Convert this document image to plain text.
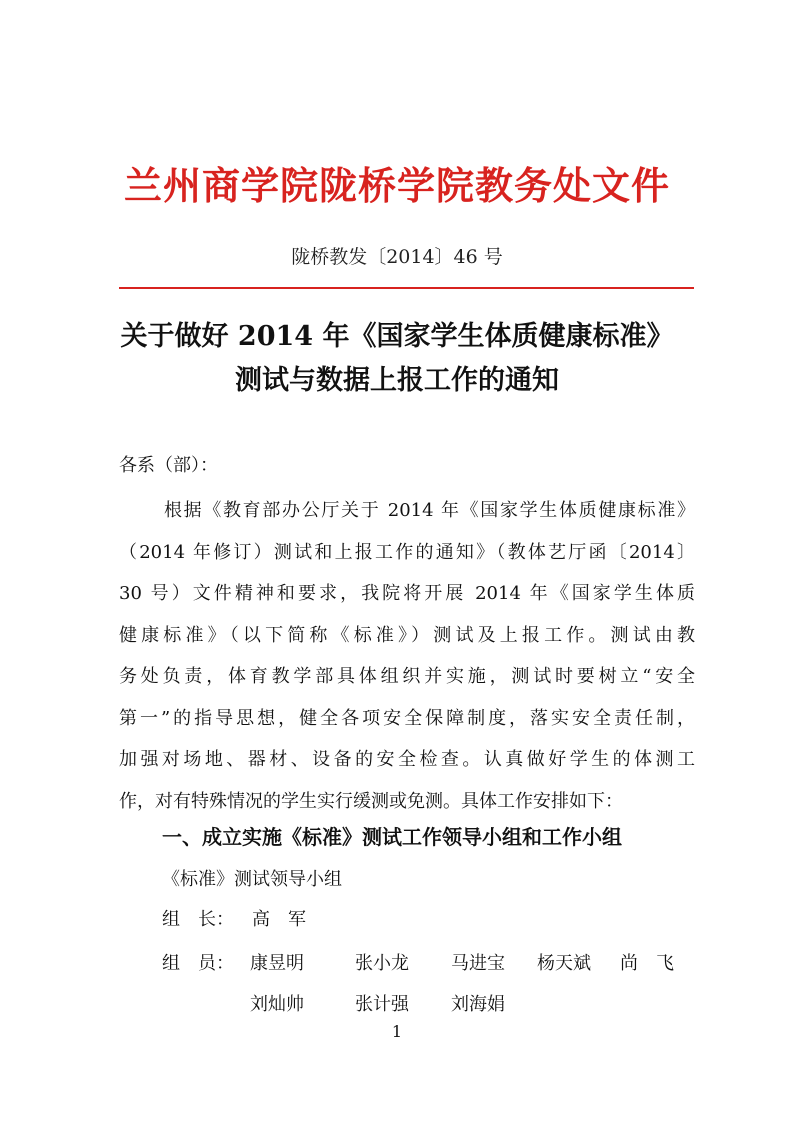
兰州商学院陇桥学院教务处文件
陇桥教发〔2014〕46 号
关于做好 2014 年《国家学生体质健康标准》
测试与数据上报工作的通知
各系（部）：
根据《教育部办公厅关于 2014 年《国家学生体质健康标准》
（2014 年修订）测试和上报工作的通知》（教体艺厅函〔2014〕
30 号）文件精神和要求，我院将开展 2014 年《国家学生体质
健康标准》（以下简称《标准》）测试及上报工作。测试由教
务处负责，体育教学部具体组织并实施，测试时要树立“安全
第一”的指导思想，健全各项安全保障制度，落实安全责任制，
加强对场地、器材、设备的安全检查。认真做好学生的体测工
作，对有特殊情况的学生实行缓测或免测。具体工作安排如下：
一、成立实施《标准》测试工作领导小组和工作小组
《标准》测试领导小组
组　长： 高　军
组　员： 康昱明	张小龙 马进宝 杨天斌 尚　飞
刘灿帅	张计强 刘海娟
1
